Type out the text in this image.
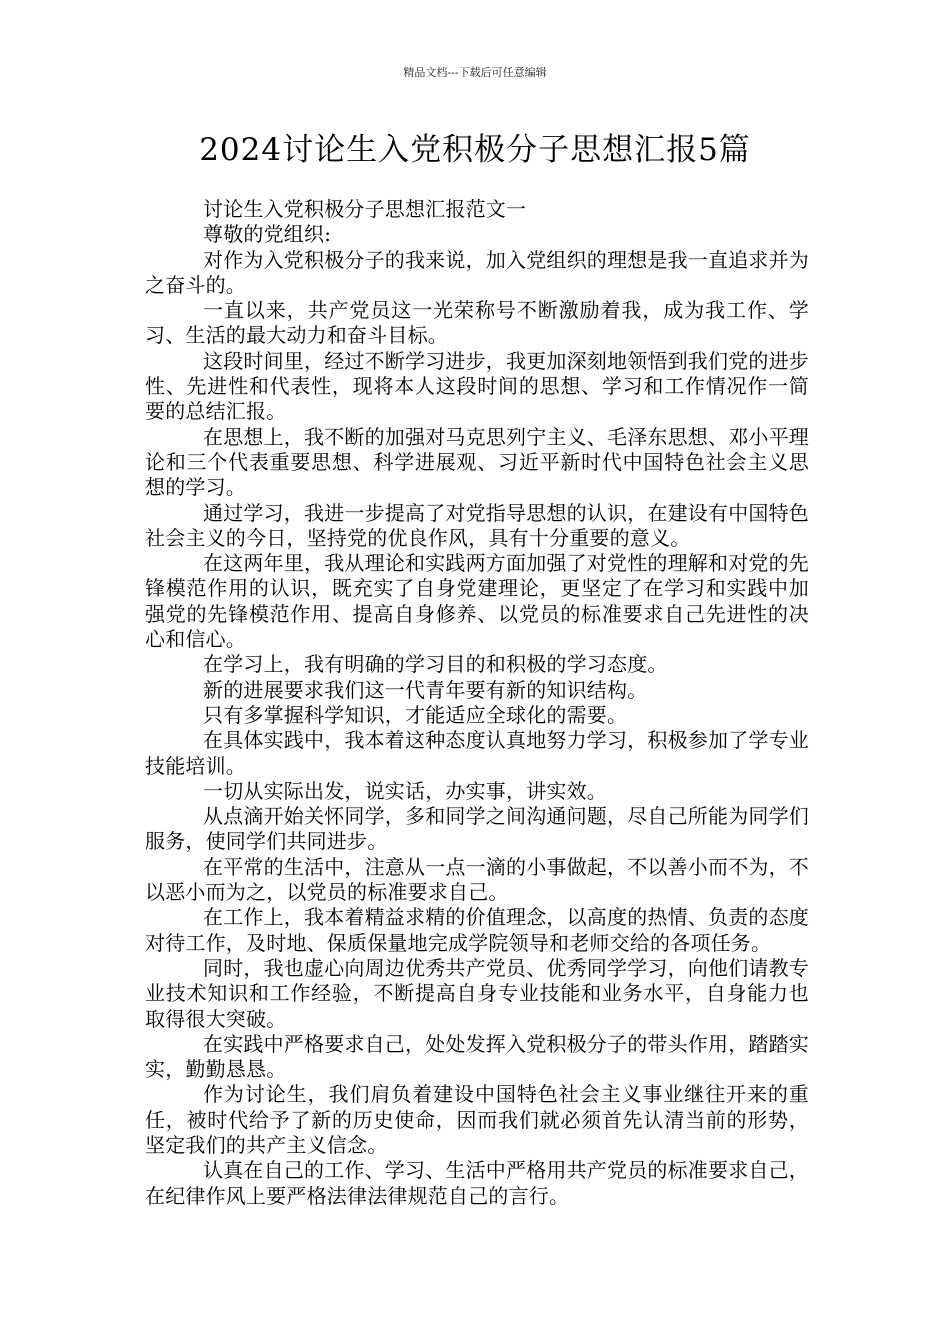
精品文档---下载后可任意编辑
2024讨论生入党积极分子思想汇报5篇

讨论生入党积极分子思想汇报范文一

尊敬的党组织:

对作为入党积极分子的我来说，加入党组织的理想是我一直追求并为之奋斗的。

一直以来，共产党员这一光荣称号不断激励着我，成为我工作、学习、生活的最大动力和奋斗目标。

这段时间里，经过不断学习进步，我更加深刻地领悟到我们党的进步性、先进性和代表性，现将本人这段时间的思想、学习和工作情况作一简要的总结汇报。

在思想上，我不断的加强对马克思列宁主义、毛泽东思想、邓小平理论和三个代表重要思想、科学进展观、习近平新时代中国特色社会主义思想的学习。

通过学习，我进一步提高了对党指导思想的认识，在建设有中国特色社会主义的今日，坚持党的优良作风，具有十分重要的意义。

在这两年里，我从理论和实践两方面加强了对党性的理解和对党的先锋模范作用的认识，既充实了自身党建理论，更坚定了在学习和实践中加强党的先锋模范作用、提高自身修养、以党员的标准要求自己先进性的决心和信心。

在学习上，我有明确的学习目的和积极的学习态度。

新的进展要求我们这一代青年要有新的知识结构。

只有多掌握科学知识，才能适应全球化的需要。

在具体实践中，我本着这种态度认真地努力学习，积极参加了学专业技能培训。

一切从实际出发，说实话，办实事，讲实效。

从点滴开始关怀同学，多和同学之间沟通问题，尽自己所能为同学们服务，使同学们共同进步。

在平常的生活中，注意从一点一滴的小事做起，不以善小而不为，不以恶小而为之，以党员的标准要求自己。

在工作上，我本着精益求精的价值理念，以高度的热情、负责的态度对待工作，及时地、保质保量地完成学院领导和老师交给的各项任务。

同时，我也虚心向周边优秀共产党员、优秀同学学习，向他们请教专业技术知识和工作经验，不断提高自身专业技能和业务水平，自身能力也取得很大突破。

在实践中严格要求自己，处处发挥入党积极分子的带头作用，踏踏实实，勤勤恳恳。

作为讨论生，我们肩负着建设中国特色社会主义事业继往开来的重任，被时代给予了新的历史使命，因而我们就必须首先认清当前的形势，坚定我们的共产主义信念。

认真在自己的工作、学习、生活中严格用共产党员的标准要求自己，在纪律作风上要严格法律法律规范自己的言行。
